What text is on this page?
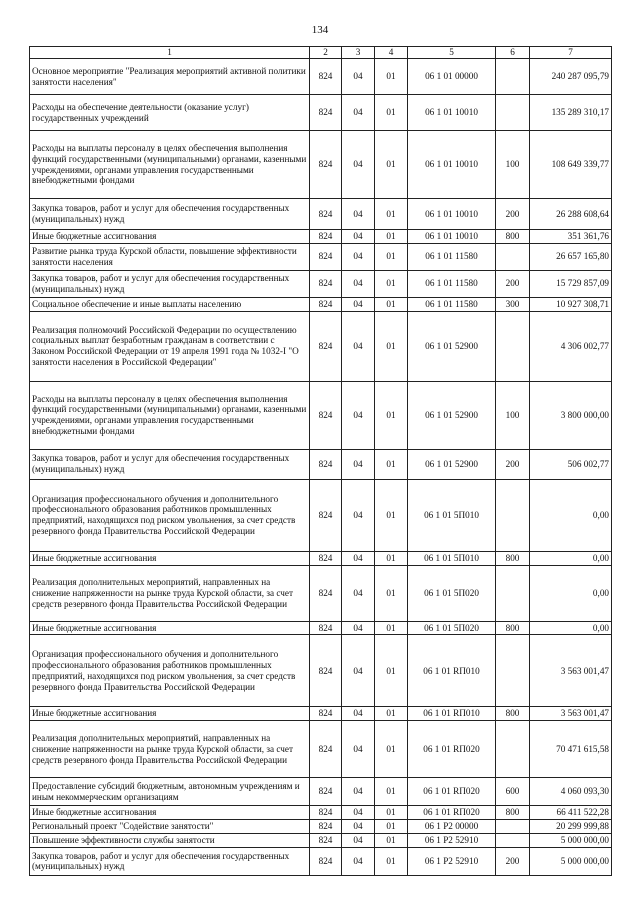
134
1	2	3	4	5	6	7
Основное мероприятие "Реализация мероприятий активной политики занятости населения"	824	04	01	06 1 01 00000		240 287 095,79
Расходы на обеспечение деятельности (оказание услуг) государственных учреждений	824	04	01	06 1 01 10010		135 289 310,17
Расходы на выплаты персоналу в целях обеспечения выполнения функций государственными (муниципальными) органами, казенными учреждениями, органами управления государственными внебюджетными фондами	824	04	01	06 1 01 10010	100	108 649 339,77
Закупка товаров, работ и услуг для обеспечения государственных (муниципальных) нужд	824	04	01	06 1 01 10010	200	26 288 608,64
Иные бюджетные ассигнования	824	04	01	06 1 01 10010	800	351 361,76
Развитие рынка труда Курской области, повышение эффективности занятости населения	824	04	01	06 1 01 11580		26 657 165,80
Закупка товаров, работ и услуг для обеспечения государственных (муниципальных) нужд	824	04	01	06 1 01 11580	200	15 729 857,09
Социальное обеспечение и иные выплаты населению	824	04	01	06 1 01 11580	300	10 927 308,71
Реализация полномочий Российской Федерации по осуществлению социальных выплат безработным гражданам в соответствии с Законом Российской Федерации от 19 апреля 1991 года № 1032-I "О занятости населения в Российской Федерации"	824	04	01	06 1 01 52900		4 306 002,77
Расходы на выплаты персоналу в целях обеспечения выполнения функций государственными (муниципальными) органами, казенными учреждениями, органами управления государственными внебюджетными фондами	824	04	01	06 1 01 52900	100	3 800 000,00
Закупка товаров, работ и услуг для обеспечения государственных (муниципальных) нужд	824	04	01	06 1 01 52900	200	506 002,77
Организация профессионального обучения и дополнительного профессионального образования работников промышленных предприятий, находящихся под риском увольнения, за счет средств резервного фонда Правительства Российской Федерации	824	04	01	06 1 01 5П010		0,00
Иные бюджетные ассигнования	824	04	01	06 1 01 5П010	800	0,00
Реализация дополнительных мероприятий, направленных на снижение напряженности на рынке труда Курской области, за счет средств резервного фонда Правительства Российской Федерации	824	04	01	06 1 01 5П020		0,00
Иные бюджетные ассигнования	824	04	01	06 1 01 5П020	800	0,00
Организация профессионального обучения и дополнительного профессионального образования работников промышленных предприятий, находящихся под риском увольнения, за счет средств резервного фонда Правительства Российской Федерации	824	04	01	06 1 01 RП010		3 563 001,47
Иные бюджетные ассигнования	824	04	01	06 1 01 RП010	800	3 563 001,47
Реализация дополнительных мероприятий, направленных на снижение напряженности на рынке труда Курской области, за счет средств резервного фонда Правительства Российской Федерации	824	04	01	06 1 01 RП020		70 471 615,58
Предоставление субсидий бюджетным, автономным учреждениям и иным некоммерческим организациям	824	04	01	06 1 01 RП020	600	4 060 093,30
Иные бюджетные ассигнования	824	04	01	06 1 01 RП020	800	66 411 522,28
Региональный проект "Содействие занятости"	824	04	01	06 1 P2 00000		20 299 999,88
Повышение эффективности службы занятости	824	04	01	06 1 P2 52910		5 000 000,00
Закупка товаров, работ и услуг для обеспечения государственных (муниципальных) нужд	824	04	01	06 1 P2 52910	200	5 000 000,00
